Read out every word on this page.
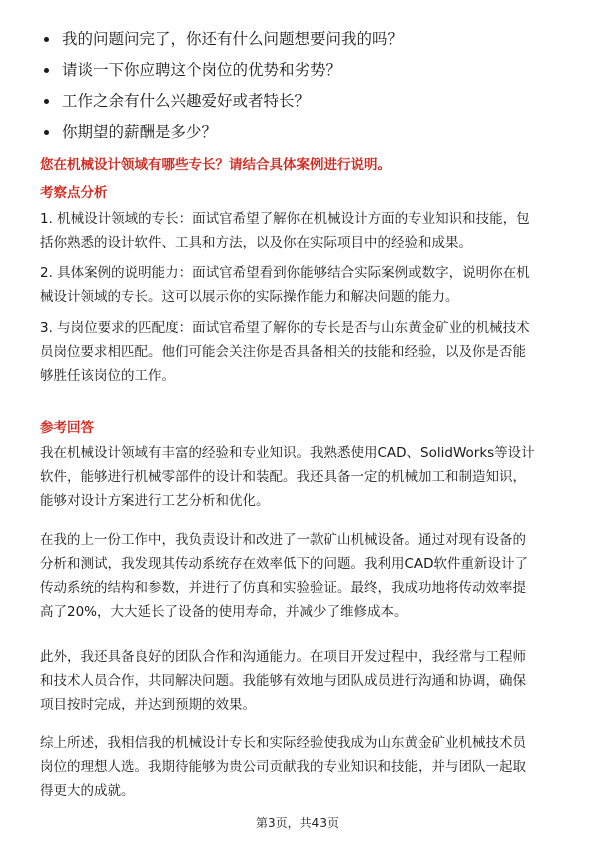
我的问题问完了，你还有什么问题想要问我的吗？
请谈一下你应聘这个岗位的优势和劣势？
工作之余有什么兴趣爱好或者特长？
你期望的薪酬是多少？
您在机械设计领域有哪些专长？请结合具体案例进行说明。
考察点分析
1. 机械设计领域的专长：面试官希望了解你在机械设计方面的专业知识和技能，包
括你熟悉的设计软件、工具和方法，以及你在实际项目中的经验和成果。
2. 具体案例的说明能力：面试官希望看到你能够结合实际案例或数字，说明你在机
械设计领域的专长。这可以展示你的实际操作能力和解决问题的能力。
3. 与岗位要求的匹配度：面试官希望了解你的专长是否与山东黄金矿业的机械技术
员岗位要求相匹配。他们可能会关注你是否具备相关的技能和经验，以及你是否能
够胜任该岗位的工作。
参考回答
我在机械设计领域有丰富的经验和专业知识。我熟悉使用CAD、SolidWorks等设计
软件，能够进行机械零部件的设计和装配。我还具备一定的机械加工和制造知识，
能够对设计方案进行工艺分析和优化。
在我的上一份工作中，我负责设计和改进了一款矿山机械设备。通过对现有设备的
分析和测试，我发现其传动系统存在效率低下的问题。我利用CAD软件重新设计了
传动系统的结构和参数，并进行了仿真和实验验证。最终，我成功地将传动效率提
高了20%，大大延长了设备的使用寿命，并减少了维修成本。
此外，我还具备良好的团队合作和沟通能力。在项目开发过程中，我经常与工程师
和技术人员合作，共同解决问题。我能够有效地与团队成员进行沟通和协调，确保
项目按时完成，并达到预期的效果。
综上所述，我相信我的机械设计专长和实际经验使我成为山东黄金矿业机械技术员
岗位的理想人选。我期待能够为贵公司贡献我的专业知识和技能，并与团队一起取
得更大的成就。
第3页，共43页
